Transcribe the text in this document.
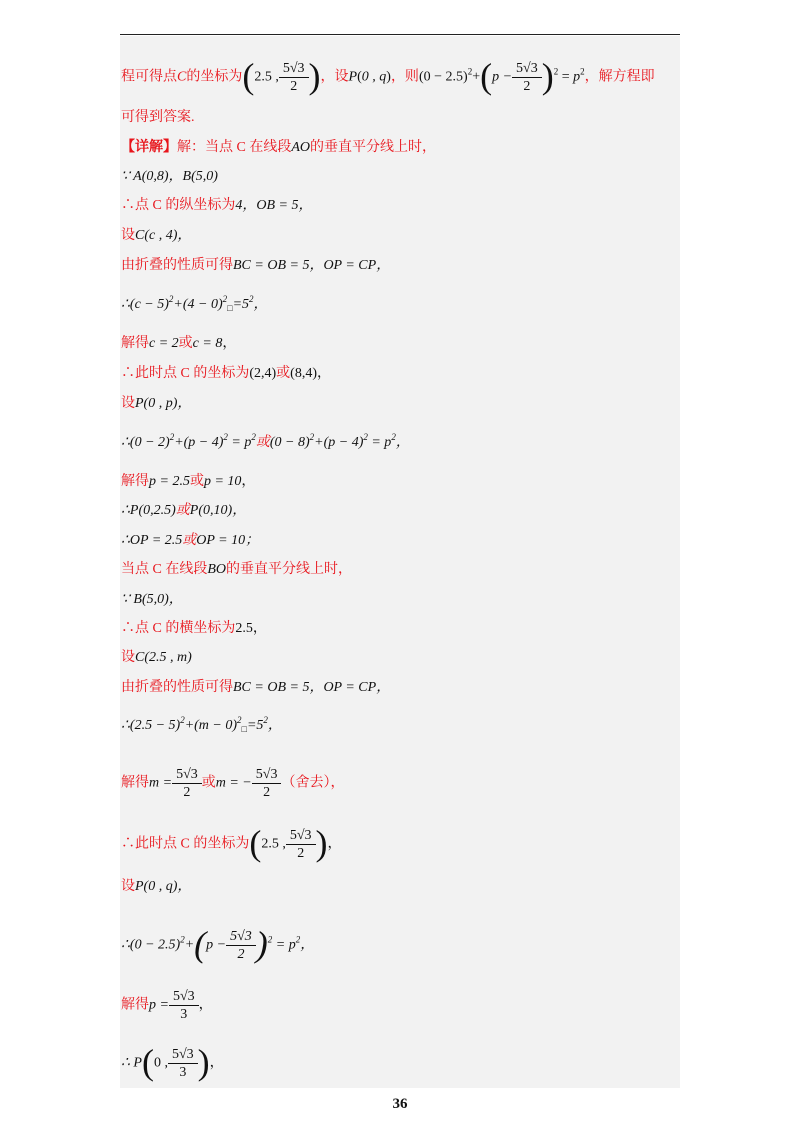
程可得点C的坐标为(2.5 , $\frac{5√3}{2}$ )，设P(0 , q)，则$(0 - 2.5)^2+(p - \frac{5√3}{2} )^2 = p^2$，解方程即
可得到答案.
【详解】解：当点 C 在线段AO的垂直平分线上时，
∵ A(0,8)，B(5,0)
∴点 C 的纵坐标为4，OB = 5，
设C(c , 4)，
由折叠的性质可得BC = OB = 5，OP = CP，
∴(c − $5)^2+(4 - 0)^2_□=5^2$，
解得c = 2或c = 8，
∴此时点 C 的坐标为(2,4)或(8,4)，
设P(0 , p)，
∴(0 − $2)^2+(p - 4)^2 = p^2$或$(0 - 8)^2+(p - 4)^2 = p^2$，
解得p = 2.5或p = 10，
∴P(0,2.5)或P(0,10)，
∴OP = 2.5或OP = 10；
当点 C 在线段BO的垂直平分线上时，
∵ B(5,0)，
∴点 C 的横坐标为2.5，
设C(2.5 , m)
由折叠的性质可得BC = OB = 5，OP = CP，
∴(2.5 − $5)^2+(m - 0)^2_□=5^2$，
解得$m = \frac{5√3}{2}$ 或m = − $\frac{5√3}{2}$ （舍去），
∴此时点 C 的坐标为(2.5 , $\frac{5√3}{2}$ )，
设P(0 , q)，
∴(0 − $2.5)^2+(p - \frac{5√3}{2} )^2 = p^2$，
解得$p = \frac{5√3}{3}$ ，
∴ P(0 , $\frac{5√3}{3}$ )，
36
